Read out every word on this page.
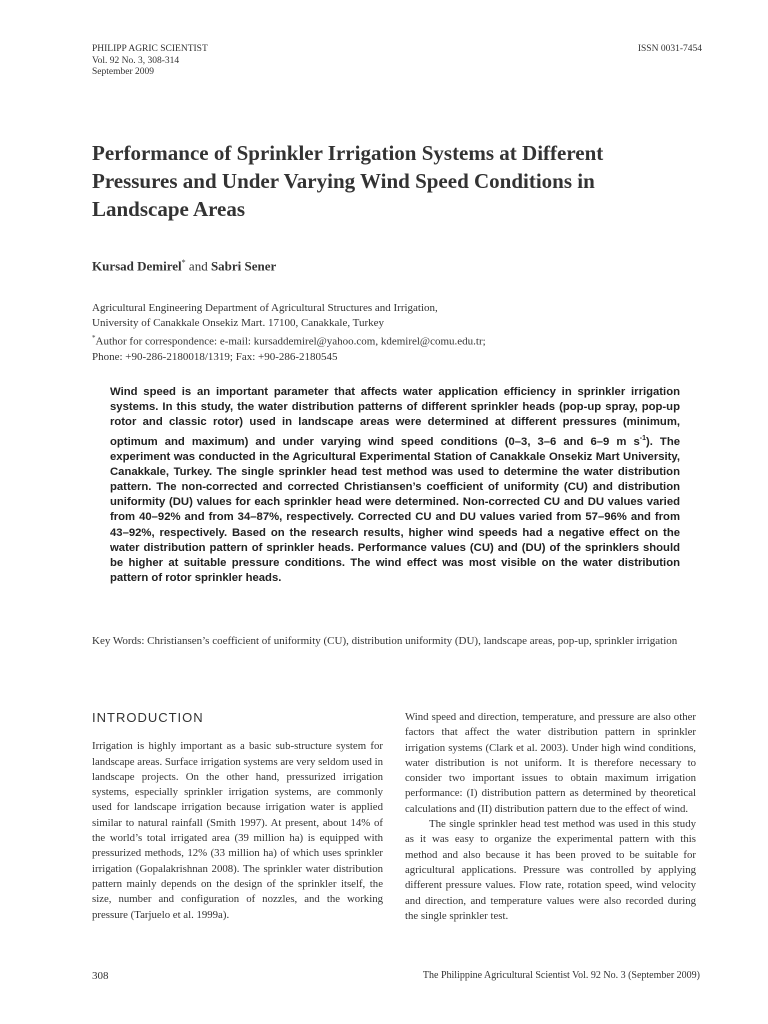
PHILIPP AGRIC SCIENTIST
Vol. 92 No. 3, 308-314
September 2009
ISSN 0031-7454
Performance of Sprinkler Irrigation Systems at Different Pressures and Under Varying Wind Speed Conditions in Landscape Areas
Kursad Demirel* and Sabri Sener
Agricultural Engineering Department of Agricultural Structures and Irrigation,
University of Canakkale Onsekiz Mart. 17100, Canakkale, Turkey
*Author for correspondence: e-mail: kursaddemirel@yahoo.com, kdemirel@comu.edu.tr;
Phone: +90-286-2180018/1319; Fax: +90-286-2180545
Wind speed is an important parameter that affects water application efficiency in sprinkler irrigation systems. In this study, the water distribution patterns of different sprinkler heads (pop-up spray, pop-up rotor and classic rotor) used in landscape areas were determined at different pressures (minimum, optimum and maximum) and under varying wind speed conditions (0–3, 3–6 and 6–9 m $s^{-1}$). The experiment was conducted in the Agricultural Experimental Station of Canakkale Onsekiz Mart University, Canakkale, Turkey. The single sprinkler head test method was used to determine the water distribution pattern. The non-corrected and corrected Christiansen’s coefficient of uniformity (CU) and distribution uniformity (DU) values for each sprinkler head were determined. Non-corrected CU and DU values varied from 40–92% and from 34–87%, respectively. Corrected CU and DU values varied from 57–96% and from 43–92%, respectively. Based on the research results, higher wind speeds had a negative effect on the water distribution pattern of sprinkler heads. Performance values (CU) and (DU) of the sprinklers should be higher at suitable pressure conditions. The wind effect was most visible on the water distribution pattern of rotor sprinkler heads.
Key Words: Christiansen’s coefficient of uniformity (CU), distribution uniformity (DU), landscape areas, pop-up, sprinkler irrigation
INTRODUCTION

Irrigation is highly important as a basic sub-structure system for landscape areas. Surface irrigation systems are very seldom used in landscape projects. On the other hand, pressurized irrigation systems, especially sprinkler irrigation systems, are commonly used for landscape irrigation because irrigation water is applied similar to natural rainfall (Smith 1997). At present, about 14% of the world’s total irrigated area (39 million ha) is equipped with pressurized methods, 12% (33 million ha) of which uses sprinkler irrigation (Gopalakrishnan 2008). The sprinkler water distribution pattern mainly depends on the design of the sprinkler itself, the size, number and configuration of nozzles, and the working pressure (Tarjuelo et al. 1999a).

Wind speed and direction, temperature, and pressure are also other factors that affect the water distribution pattern in sprinkler irrigation systems (Clark et al. 2003). Under high wind conditions, water distribution is not uniform. It is therefore necessary to consider two important issues to obtain maximum irrigation performance: (I) distribution pattern as determined by theoretical calculations and (II) distribution pattern due to the effect of wind.

The single sprinkler head test method was used in this study as it was easy to organize the experimental pattern with this method and also because it has been proved to be suitable for agricultural applications. Pressure was controlled by applying different pressure values. Flow rate, rotation speed, wind velocity and direction, and temperature values were also recorded during the single sprinkler test.

308	The Philippine Agricultural Scientist Vol. 92 No. 3 (September 2009)
